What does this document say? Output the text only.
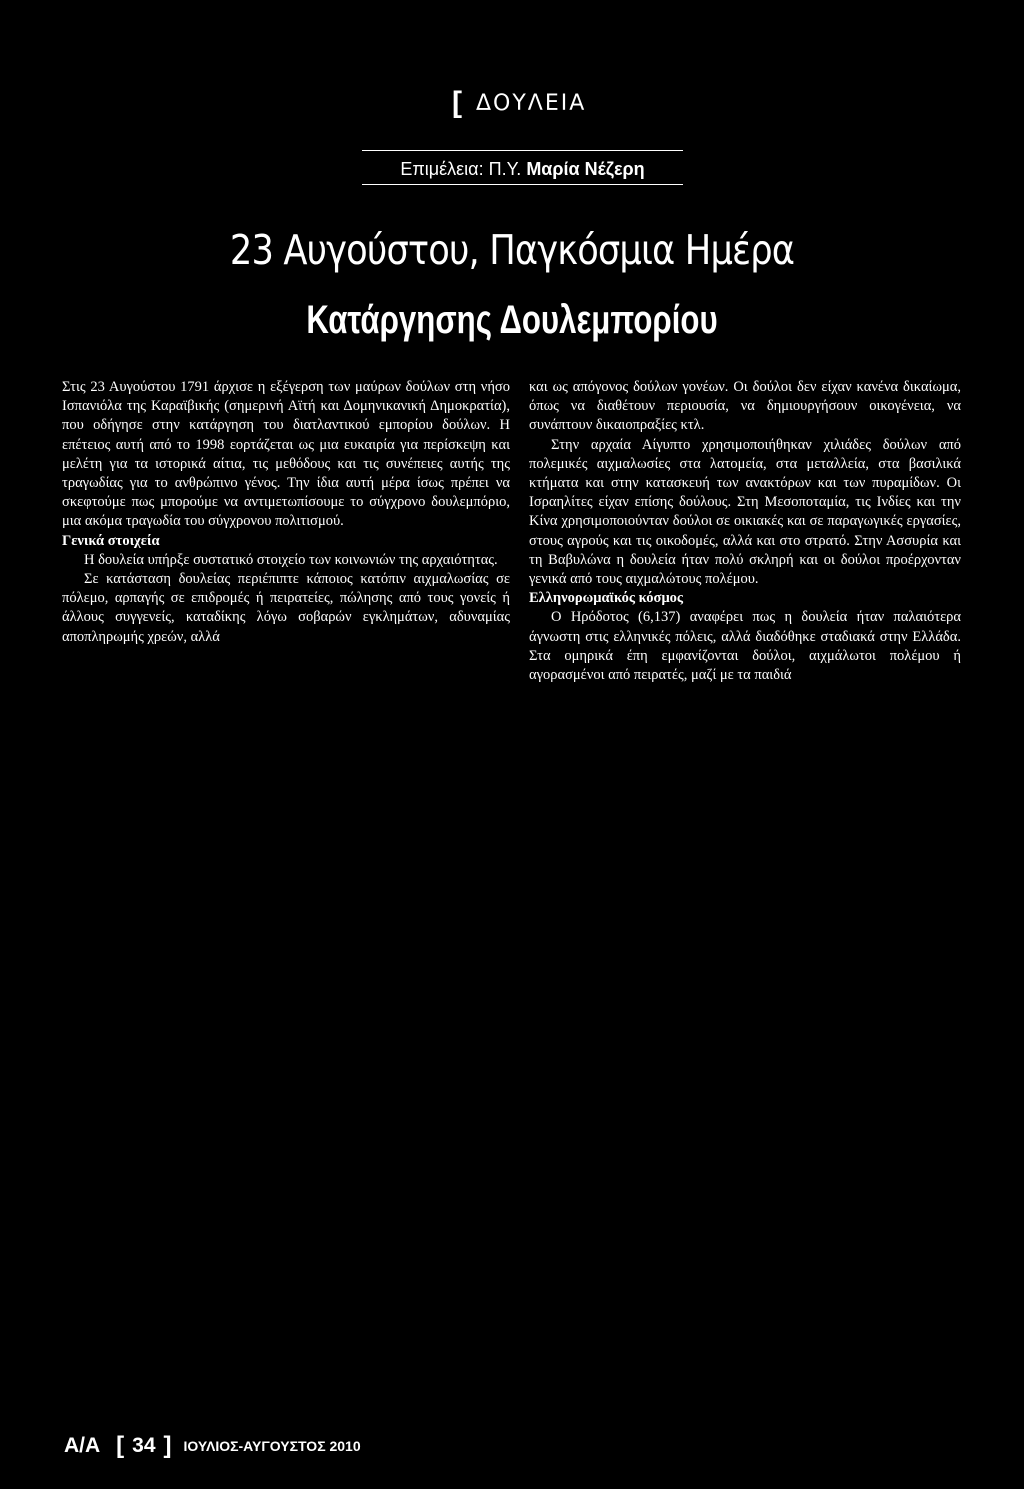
[ ΔΟΥΛΕΙΑ
Επιμέλεια: Π.Υ. Μαρία Νέζερη
23 Αυγούστου, Παγκόσμια Ημέρα
Κατάργησης Δουλεμπορίου

Στις 23 Αυγούστου 1791 άρχισε η εξέγερση των μαύρων δούλων στη νήσο Ισπανιόλα της Καραϊβικής (σημερινή Αϊτή και Δομηνικανική Δημοκρατία), που οδήγησε στην κατάργηση του διατλαντικού εμπορίου δούλων. Η επέτειος αυτή από το 1998 εορτάζεται ως μια ευκαιρία για περίσκεψη και μελέτη για τα ιστορικά αίτια, τις μεθόδους και τις συνέπειες αυτής της τραγωδίας για το ανθρώπινο γένος. Την ίδια αυτή μέρα ίσως πρέπει να σκεφτούμε πως μπορούμε να αντιμετωπίσουμε το σύγχρονο δουλεμπόριο, μια ακόμα τραγωδία του σύγχρονου πολιτισμού.

Γενικά στοιχεία

Η δουλεία υπήρξε συστατικό στοιχείο των κοινωνιών της αρχαιότητας.

Σε κατάσταση δουλείας περιέπιπτε κάποιος κατόπιν αιχμαλωσίας σε πόλεμο, αρπαγής σε επιδρομές ή πειρατείες, πώλησης από τους γονείς ή άλλους συγγενείς, καταδίκης λόγω σοβαρών εγκλημάτων, αδυναμίας αποπληρωμής χρεών, αλλά

και ως απόγονος δούλων γονέων. Οι δούλοι δεν είχαν κανένα δικαίωμα, όπως να διαθέτουν περιουσία, να δημιουργήσουν οικογένεια, να συνάπτουν δικαιοπραξίες κτλ.

Στην αρχαία Αίγυπτο χρησιμοποιήθηκαν χιλιάδες δούλων από πολεμικές αιχμαλωσίες στα λατομεία, στα μεταλλεία, στα βασιλικά κτήματα και στην κατασκευή των ανακτόρων και των πυραμίδων. Οι Ισραηλίτες είχαν επίσης δούλους. Στη Μεσοποταμία, τις Ινδίες και την Κίνα χρησιμοποιούνταν δούλοι σε οικιακές και σε παραγωγικές εργασίες, στους αγρούς και τις οικοδομές, αλλά και στο στρατό. Στην Ασσυρία και τη Βαβυλώνα η δουλεία ήταν πολύ σκληρή και οι δούλοι προέρχονταν γενικά από τους αιχμαλώτους πολέμου.

Ελληνορωμαϊκός κόσμος

Ο Ηρόδοτος (6,137) αναφέρει πως η δουλεία ήταν παλαιότερα άγνωστη στις ελληνικές πόλεις, αλλά διαδόθηκε σταδιακά στην Ελλάδα. Στα ομηρικά έπη εμφανίζονται δούλοι, αιχμάλωτοι πολέμου ή αγορασμένοι από πειρατές, μαζί με τα παιδιά

Α/Α [ 34 ] ΙΟΥΛΙΟΣ-ΑΥΓΟΥΣΤΟΣ 2010
